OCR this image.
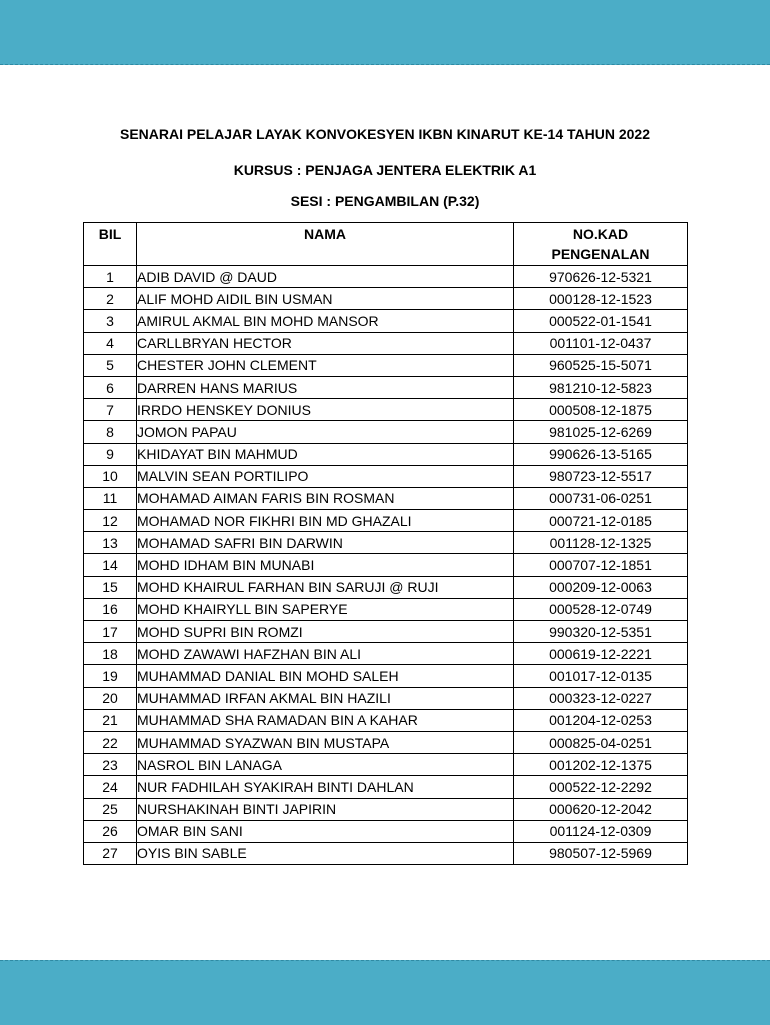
SENARAI PELAJAR LAYAK KONVOKESYEN IKBN KINARUT KE-14 TAHUN 2022
KURSUS : PENJAGA JENTERA ELEKTRIK A1
SESI : PENGAMBILAN (P.32)
BIL	NAMA	NO.KAD
PENGENALAN

1	ADIB DAVID @ DAUD	970626-12-5321
2	ALIF MOHD AIDIL BIN USMAN	000128-12-1523
3	AMIRUL AKMAL BIN MOHD MANSOR	000522-01-1541
4	CARLLBRYAN HECTOR	001101-12-0437
5	CHESTER JOHN CLEMENT	960525-15-5071
6	DARREN HANS MARIUS	981210-12-5823
7	IRRDO HENSKEY DONIUS	000508-12-1875
8	JOMON PAPAU	981025-12-6269
9	KHIDAYAT BIN MAHMUD	990626-13-5165
10	MALVIN SEAN PORTILIPO	980723-12-5517
11	MOHAMAD AIMAN FARIS BIN ROSMAN	000731-06-0251
12	MOHAMAD NOR FIKHRI BIN MD GHAZALI	000721-12-0185
13	MOHAMAD SAFRI BIN DARWIN	001128-12-1325
14	MOHD IDHAM BIN MUNABI	000707-12-1851
15	MOHD KHAIRUL FARHAN BIN SARUJI @ RUJI	000209-12-0063
16	MOHD KHAIRYLL BIN SAPERYE	000528-12-0749
17	MOHD SUPRI BIN ROMZI	990320-12-5351
18	MOHD ZAWAWI HAFZHAN BIN ALI	000619-12-2221
19	MUHAMMAD DANIAL BIN MOHD SALEH	001017-12-0135
20	MUHAMMAD IRFAN AKMAL BIN HAZILI	000323-12-0227
21	MUHAMMAD SHA RAMADAN BIN A KAHAR	001204-12-0253
22	MUHAMMAD SYAZWAN BIN MUSTAPA	000825-04-0251
23	NASROL BIN LANAGA	001202-12-1375
24	NUR FADHILAH SYAKIRAH BINTI DAHLAN	000522-12-2292
25	NURSHAKINAH BINTI JAPIRIN	000620-12-2042
26	OMAR BIN SANI	001124-12-0309
27	OYIS BIN SABLE	980507-12-5969
